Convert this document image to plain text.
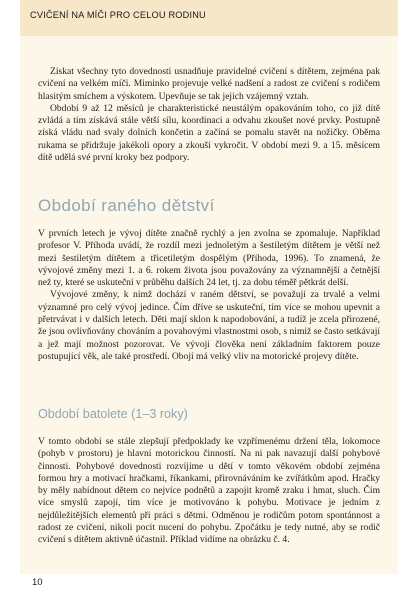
CVIČENÍ NA MÍČI PRO CELOU RODINU

Získat všechny tyto dovednosti usnadňuje pravidelné cvičení s dítětem, zejména pak cvičení na velkém míči. Miminko projevuje velké nadšení a radost ze cvičení s rodičem hlasitým smíchem a výskotem. Upevňuje se tak jejich vzájemný vztah.

Období 9 až 12 měsíců je charakteristické neustálým opakováním toho, co již dítě zvládá a tím získává stále větší sílu, koordinaci a odvahu zkoušet nové prvky. Postupně získá vládu nad svaly dolních končetin a začíná se pomalu stavět na nožičky. Oběma rukama se přidržuje jakékoli opory a zkouší vykročit. V období mezi 9. a 15. měsícem dítě udělá své první kroky bez podpory.

Období raného dětství

V prvních letech je vývoj dítěte značně rychlý a jen zvolna se zpomaluje. Například profesor V. Příhoda uvádí, že rozdíl mezi jednoletým a šestiletým dítětem je větší než mezi šestiletým dítětem a třicetiletým dospělým (Příhoda, 1996). To znamená, že vývojové změny mezi 1. a 6. rokem života jsou považovány za významnější a četnější než ty, které se uskuteční v průběhu dalších 24 let, tj. za dobu téměř pětkrát delší.

Vývojové změny, k nimž dochází v raném dětství, se považují za trvalé a velmi významné pro celý vývoj jedince. Čím dříve se uskuteční, tím více se mohou upevnit a přetrvávat i v dalších letech. Děti mají sklon k napodobování, a tudíž je zcela přirozené, že jsou ovlivňovány chováním a povahovými vlastnostmi osob, s nimiž se často setkávají a jež mají možnost pozorovat. Ve vývoji člověka není základním faktorem pouze postupující věk, ale také prostředí. Obojí má velký vliv na motorické projevy dítěte.

Období batolete (1–3 roky)

V tomto období se stále zlepšují předpoklady ke vzpřímenému držení těla, lokomoce (pohyb v prostoru) je hlavní motorickou činností. Na ni pak navazují další pohybové činnosti. Pohybové dovednosti rozvíjíme u dětí v tomto věkovém období zejména formou hry a motivací hračkami, říkankami, přirovnáváním ke zvířátkům apod. Hračky by měly nabídnout dětem co nejvíce podnětů a zapojit kromě zraku i hmat, sluch. Čím více smyslů zapojí, tím více je motivováno k pohybu. Motivace je jedním z nejdůležitějších elementů při práci s dětmi. Odměnou je rodičům potom spontánnost a radost ze cvičení, nikoli pocit nucení do pohybu. Zpočátku je tedy nutné, aby se rodič cvičení s dítětem aktivně účastnil. Příklad vidíme na obrázku č. 4.

10
